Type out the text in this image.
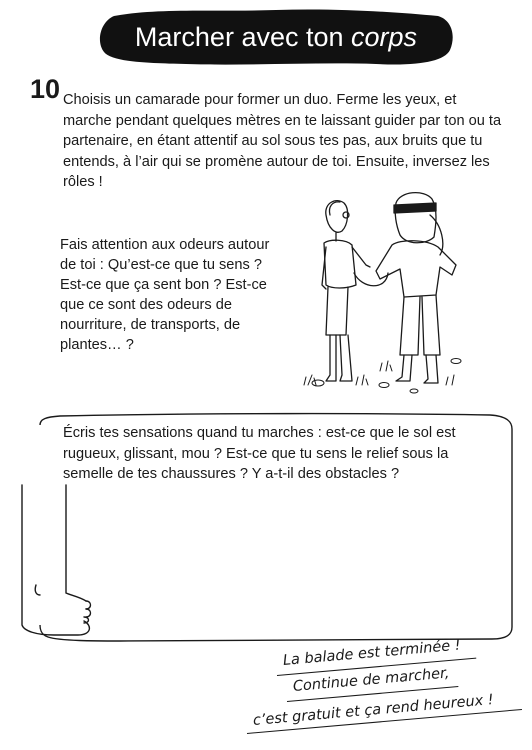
Marcher avec ton corps
10 Choisis un camarade pour former un duo. Ferme les yeux, et marche pendant quelques mètres en te laissant guider par ton ou ta partenaire, en étant attentif au sol sous tes pas, aux bruits que tu entends, à l’air qui se promène autour de toi. Ensuite, inversez les rôles !

Fais attention aux odeurs autour de toi : Qu’est-ce que tu sens ? Est-ce que ça sent bon ? Est-ce que ce sont des odeurs de nourriture, de transports, de plantes… ?

Écris tes sensations quand tu marches : est-ce que le sol est rugueux, glissant, mou ? Est-ce que tu sens le relief sous la semelle de tes chaussures ? Y a-t-il des obstacles ?

La balade est terminée !
Continue de marcher,
c’est gratuit et ça rend heureux !
